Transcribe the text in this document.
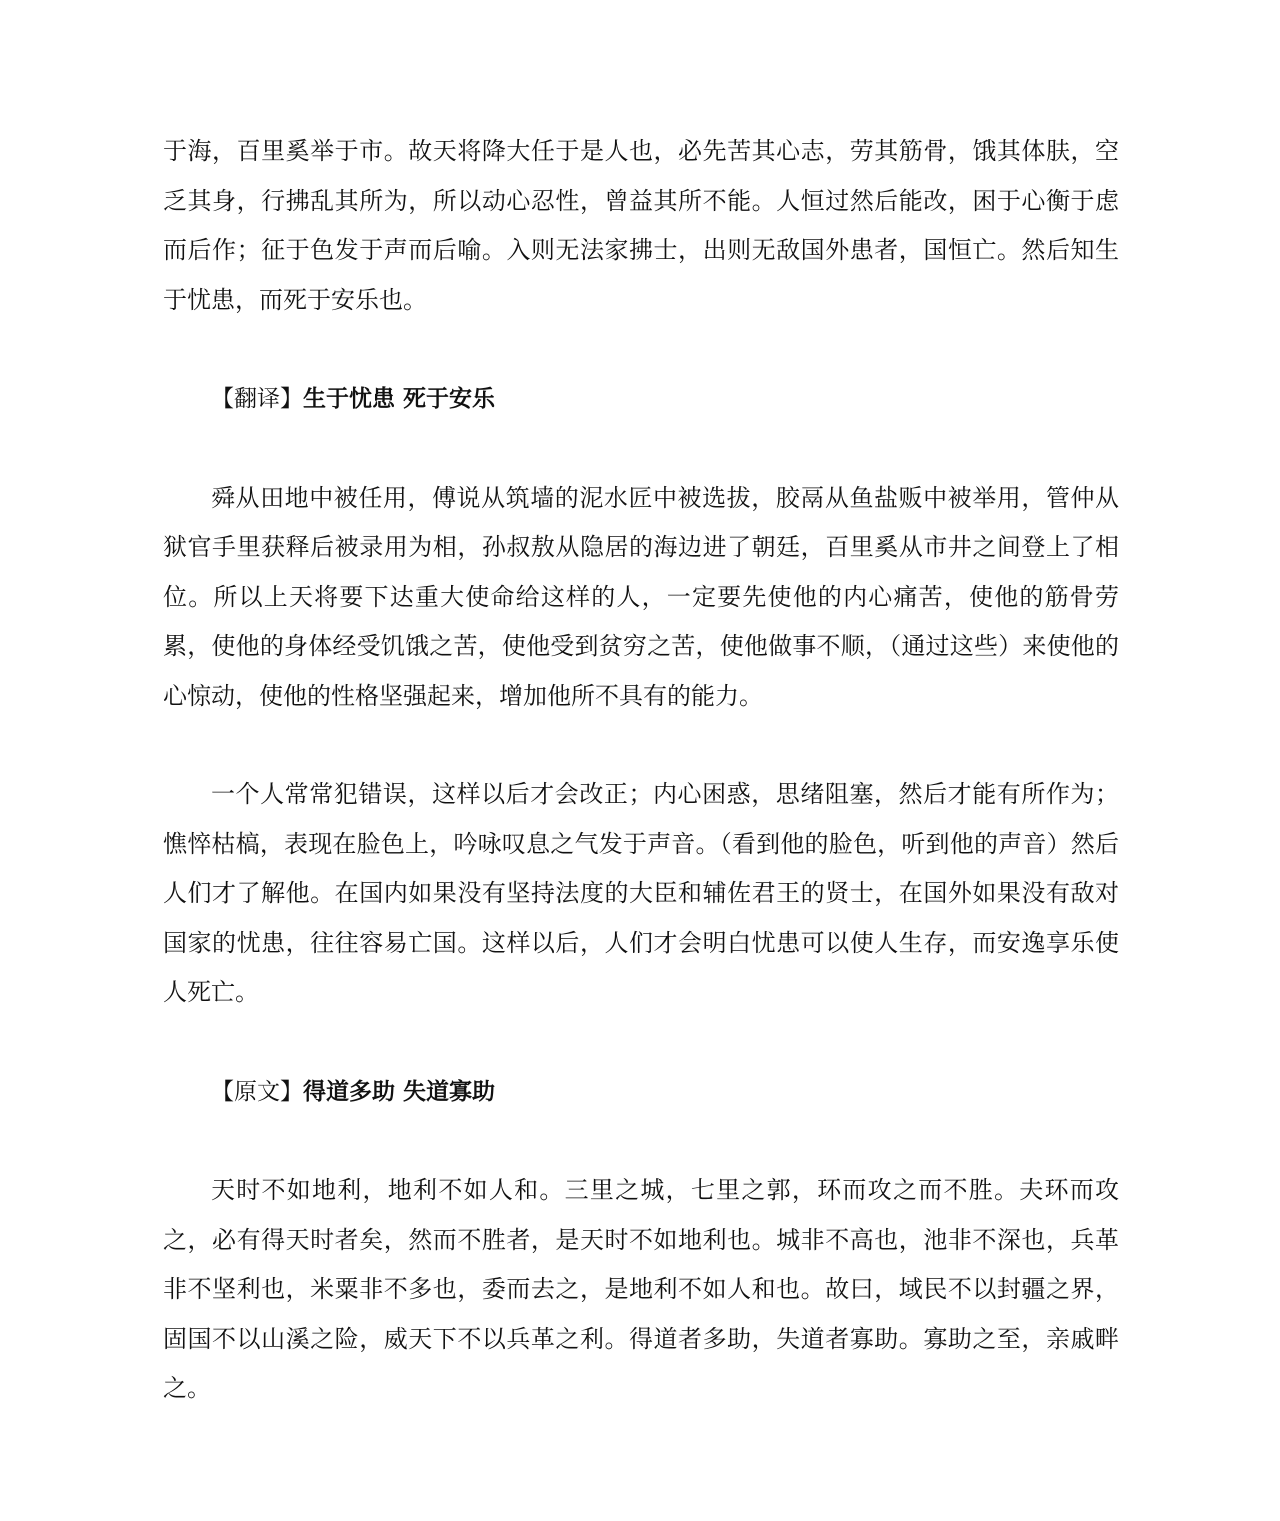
于海，百里奚举于市。故天将降大任于是人也，必先苦其心志，劳其筋骨，饿其体肤，空乏其身，行拂乱其所为，所以动心忍性，曾益其所不能。人恒过然后能改，困于心衡于虑而后作；征于色发于声而后喻。入则无法家拂士，出则无敌国外患者，国恒亡。然后知生于忧患，而死于安乐也。

【翻译】生于忧患 死于安乐

舜从田地中被任用，傅说从筑墙的泥水匠中被选拔，胶鬲从鱼盐贩中被举用，管仲从狱官手里获释后被录用为相，孙叔敖从隐居的海边进了朝廷，百里奚从市井之间登上了相位。所以上天将要下达重大使命给这样的人，一定要先使他的内心痛苦，使他的筋骨劳累，使他的身体经受饥饿之苦，使他受到贫穷之苦，使他做事不顺，（通过这些）来使他的心惊动，使他的性格坚强起来，增加他所不具有的能力。

一个人常常犯错误，这样以后才会改正；内心困惑，思绪阻塞，然后才能有所作为；憔悴枯槁，表现在脸色上，吟咏叹息之气发于声音。（看到他的脸色，听到他的声音）然后人们才了解他。在国内如果没有坚持法度的大臣和辅佐君王的贤士，在国外如果没有敌对国家的忧患，往往容易亡国。这样以后，人们才会明白忧患可以使人生存，而安逸享乐使人死亡。

【原文】得道多助 失道寡助

天时不如地利，地利不如人和。三里之城，七里之郭，环而攻之而不胜。夫环而攻之，必有得天时者矣，然而不胜者，是天时不如地利也。城非不高也，池非不深也，兵革非不坚利也，米粟非不多也，委而去之，是地利不如人和也。故曰，域民不以封疆之界，固国不以山溪之险，威天下不以兵革之利。得道者多助，失道者寡助。寡助之至，亲戚畔之。
